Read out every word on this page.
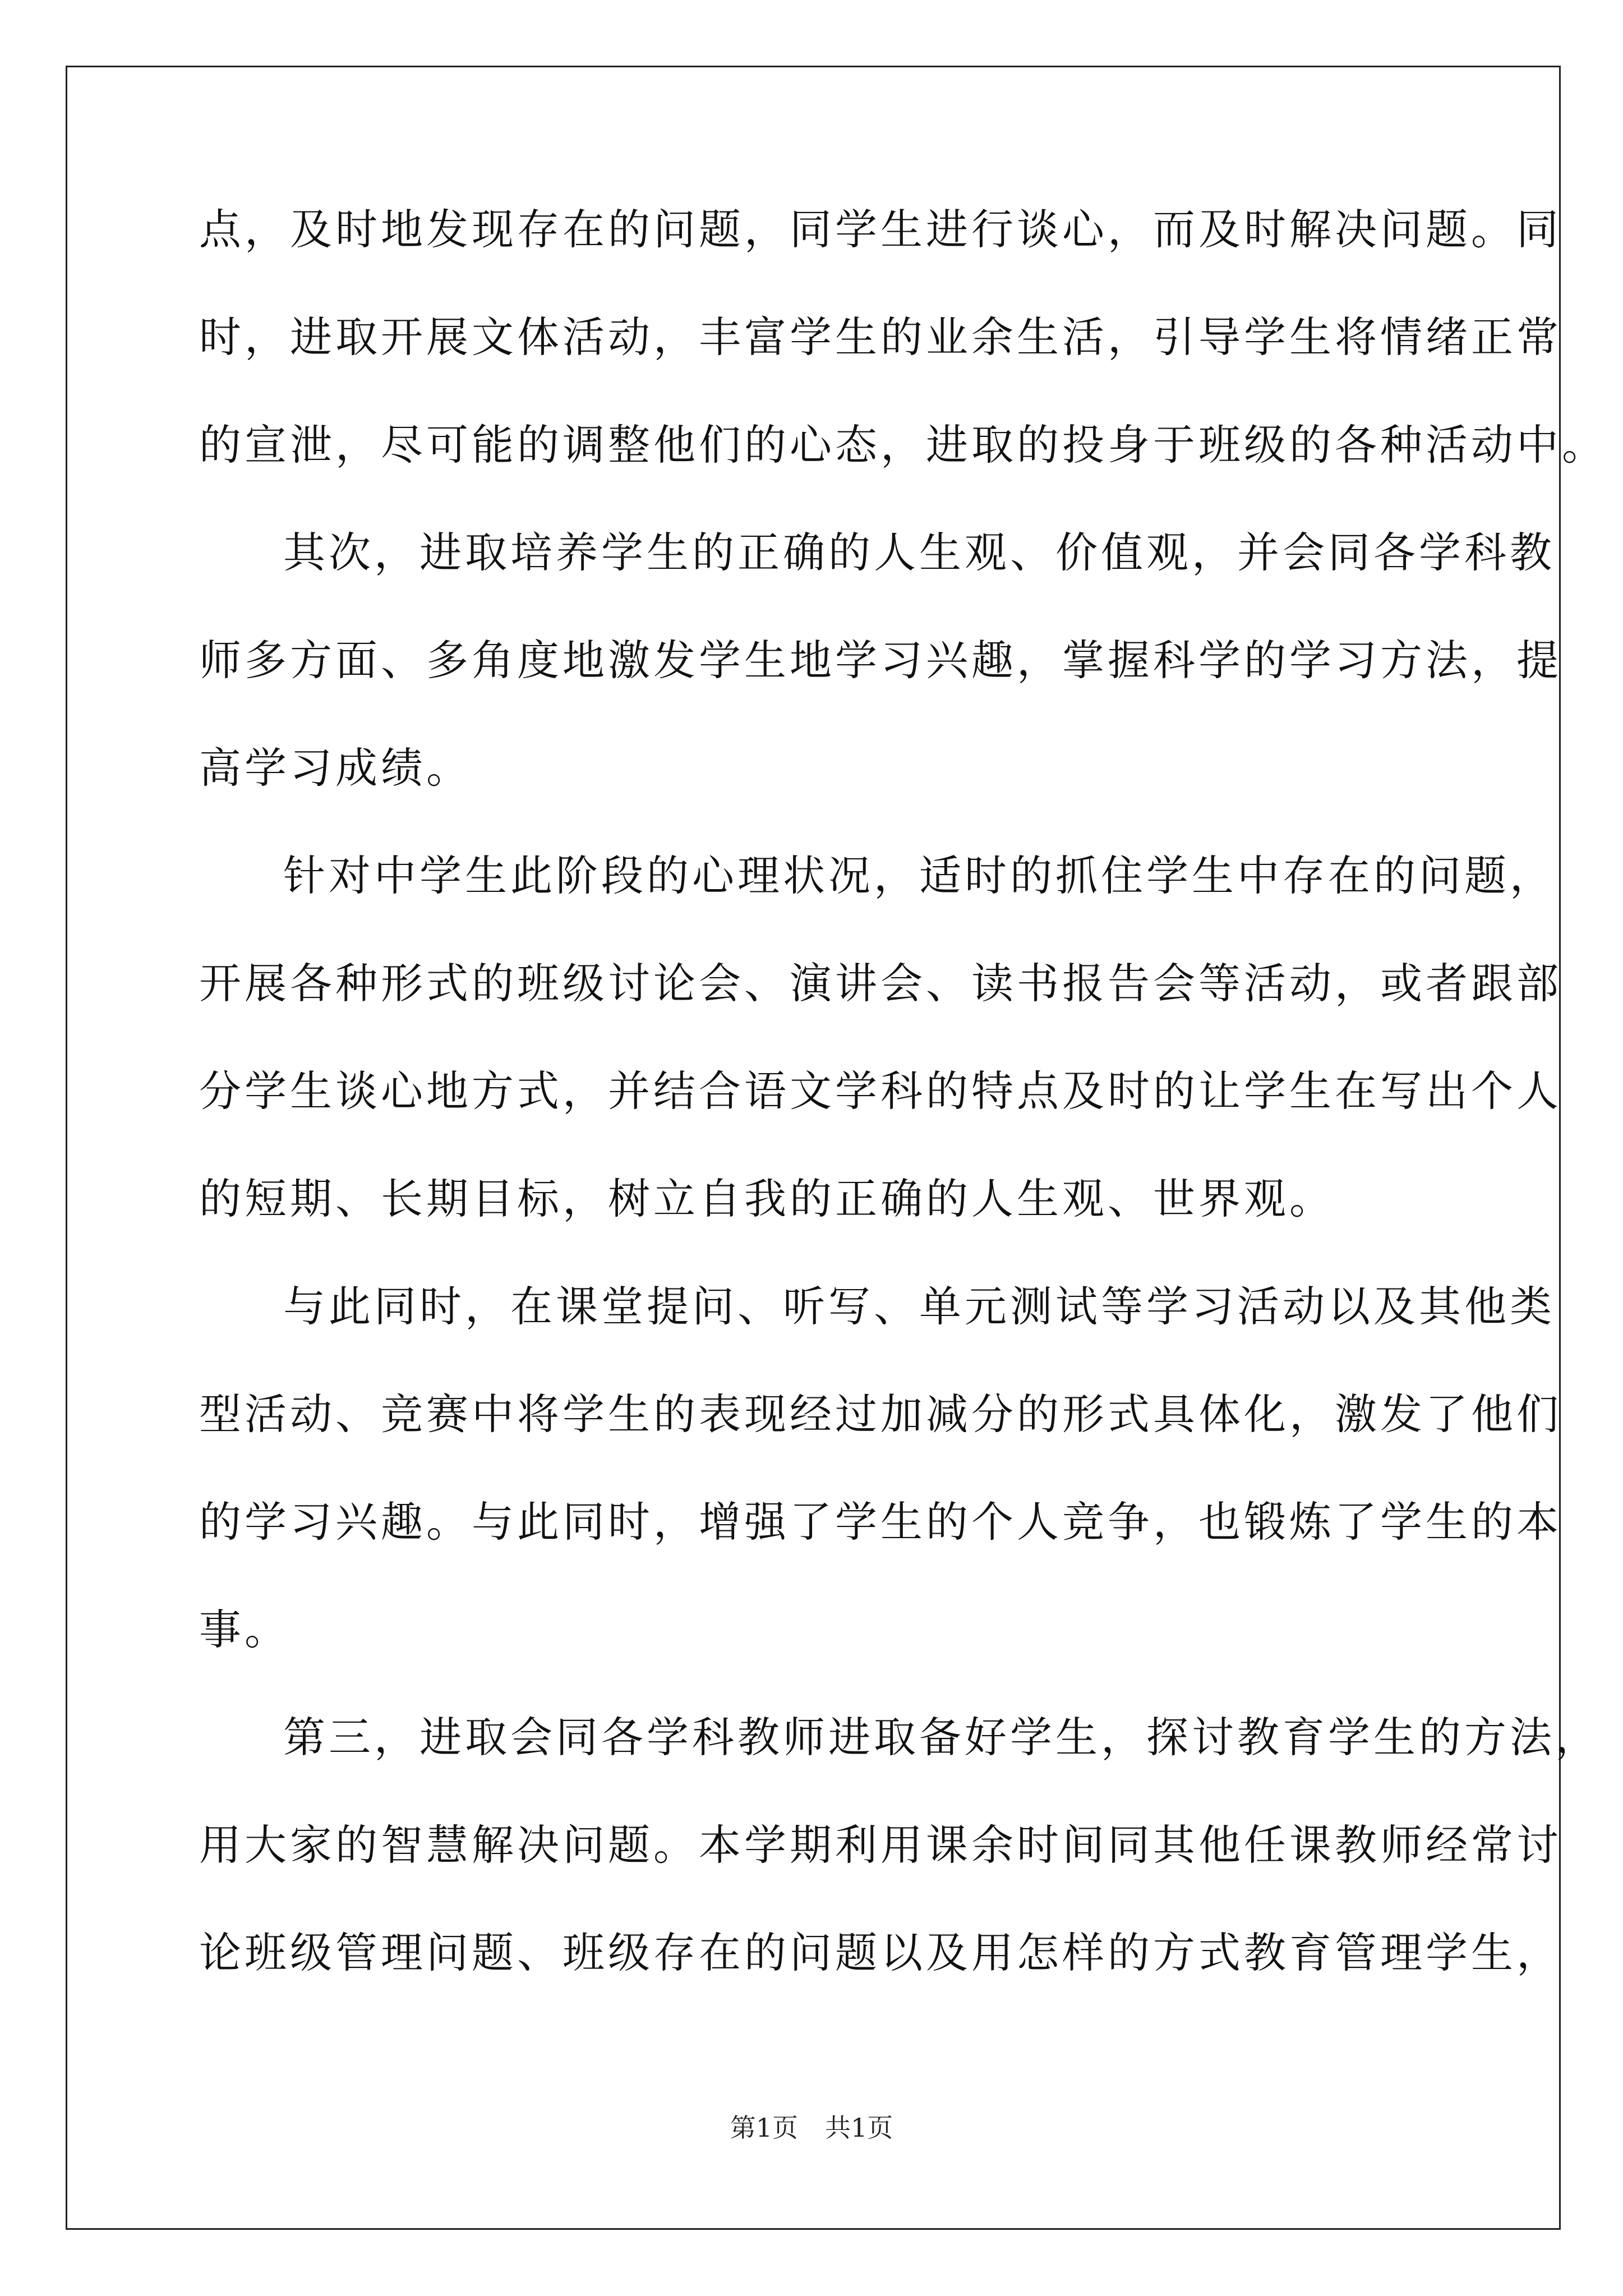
点，及时地发现存在的问题，同学生进行谈心，而及时解决问题。同
时，进取开展文体活动，丰富学生的业余生活，引导学生将情绪正常
的宣泄，尽可能的调整他们的心态，进取的投身于班级的各种活动中。
其次，进取培养学生的正确的人生观、价值观，并会同各学科教
师多方面、多角度地激发学生地学习兴趣，掌握科学的学习方法，提
高学习成绩。
针对中学生此阶段的心理状况，适时的抓住学生中存在的问题，
开展各种形式的班级讨论会、演讲会、读书报告会等活动，或者跟部
分学生谈心地方式，并结合语文学科的特点及时的让学生在写出个人
的短期、长期目标，树立自我的正确的人生观、世界观。
与此同时，在课堂提问、听写、单元测试等学习活动以及其他类
型活动、竞赛中将学生的表现经过加减分的形式具体化，激发了他们
的学习兴趣。与此同时，增强了学生的个人竞争，也锻炼了学生的本
事。
第三，进取会同各学科教师进取备好学生，探讨教育学生的方法，
用大家的智慧解决问题。本学期利用课余时间同其他任课教师经常讨
论班级管理问题、班级存在的问题以及用怎样的方式教育管理学生，
第1页 共1页
